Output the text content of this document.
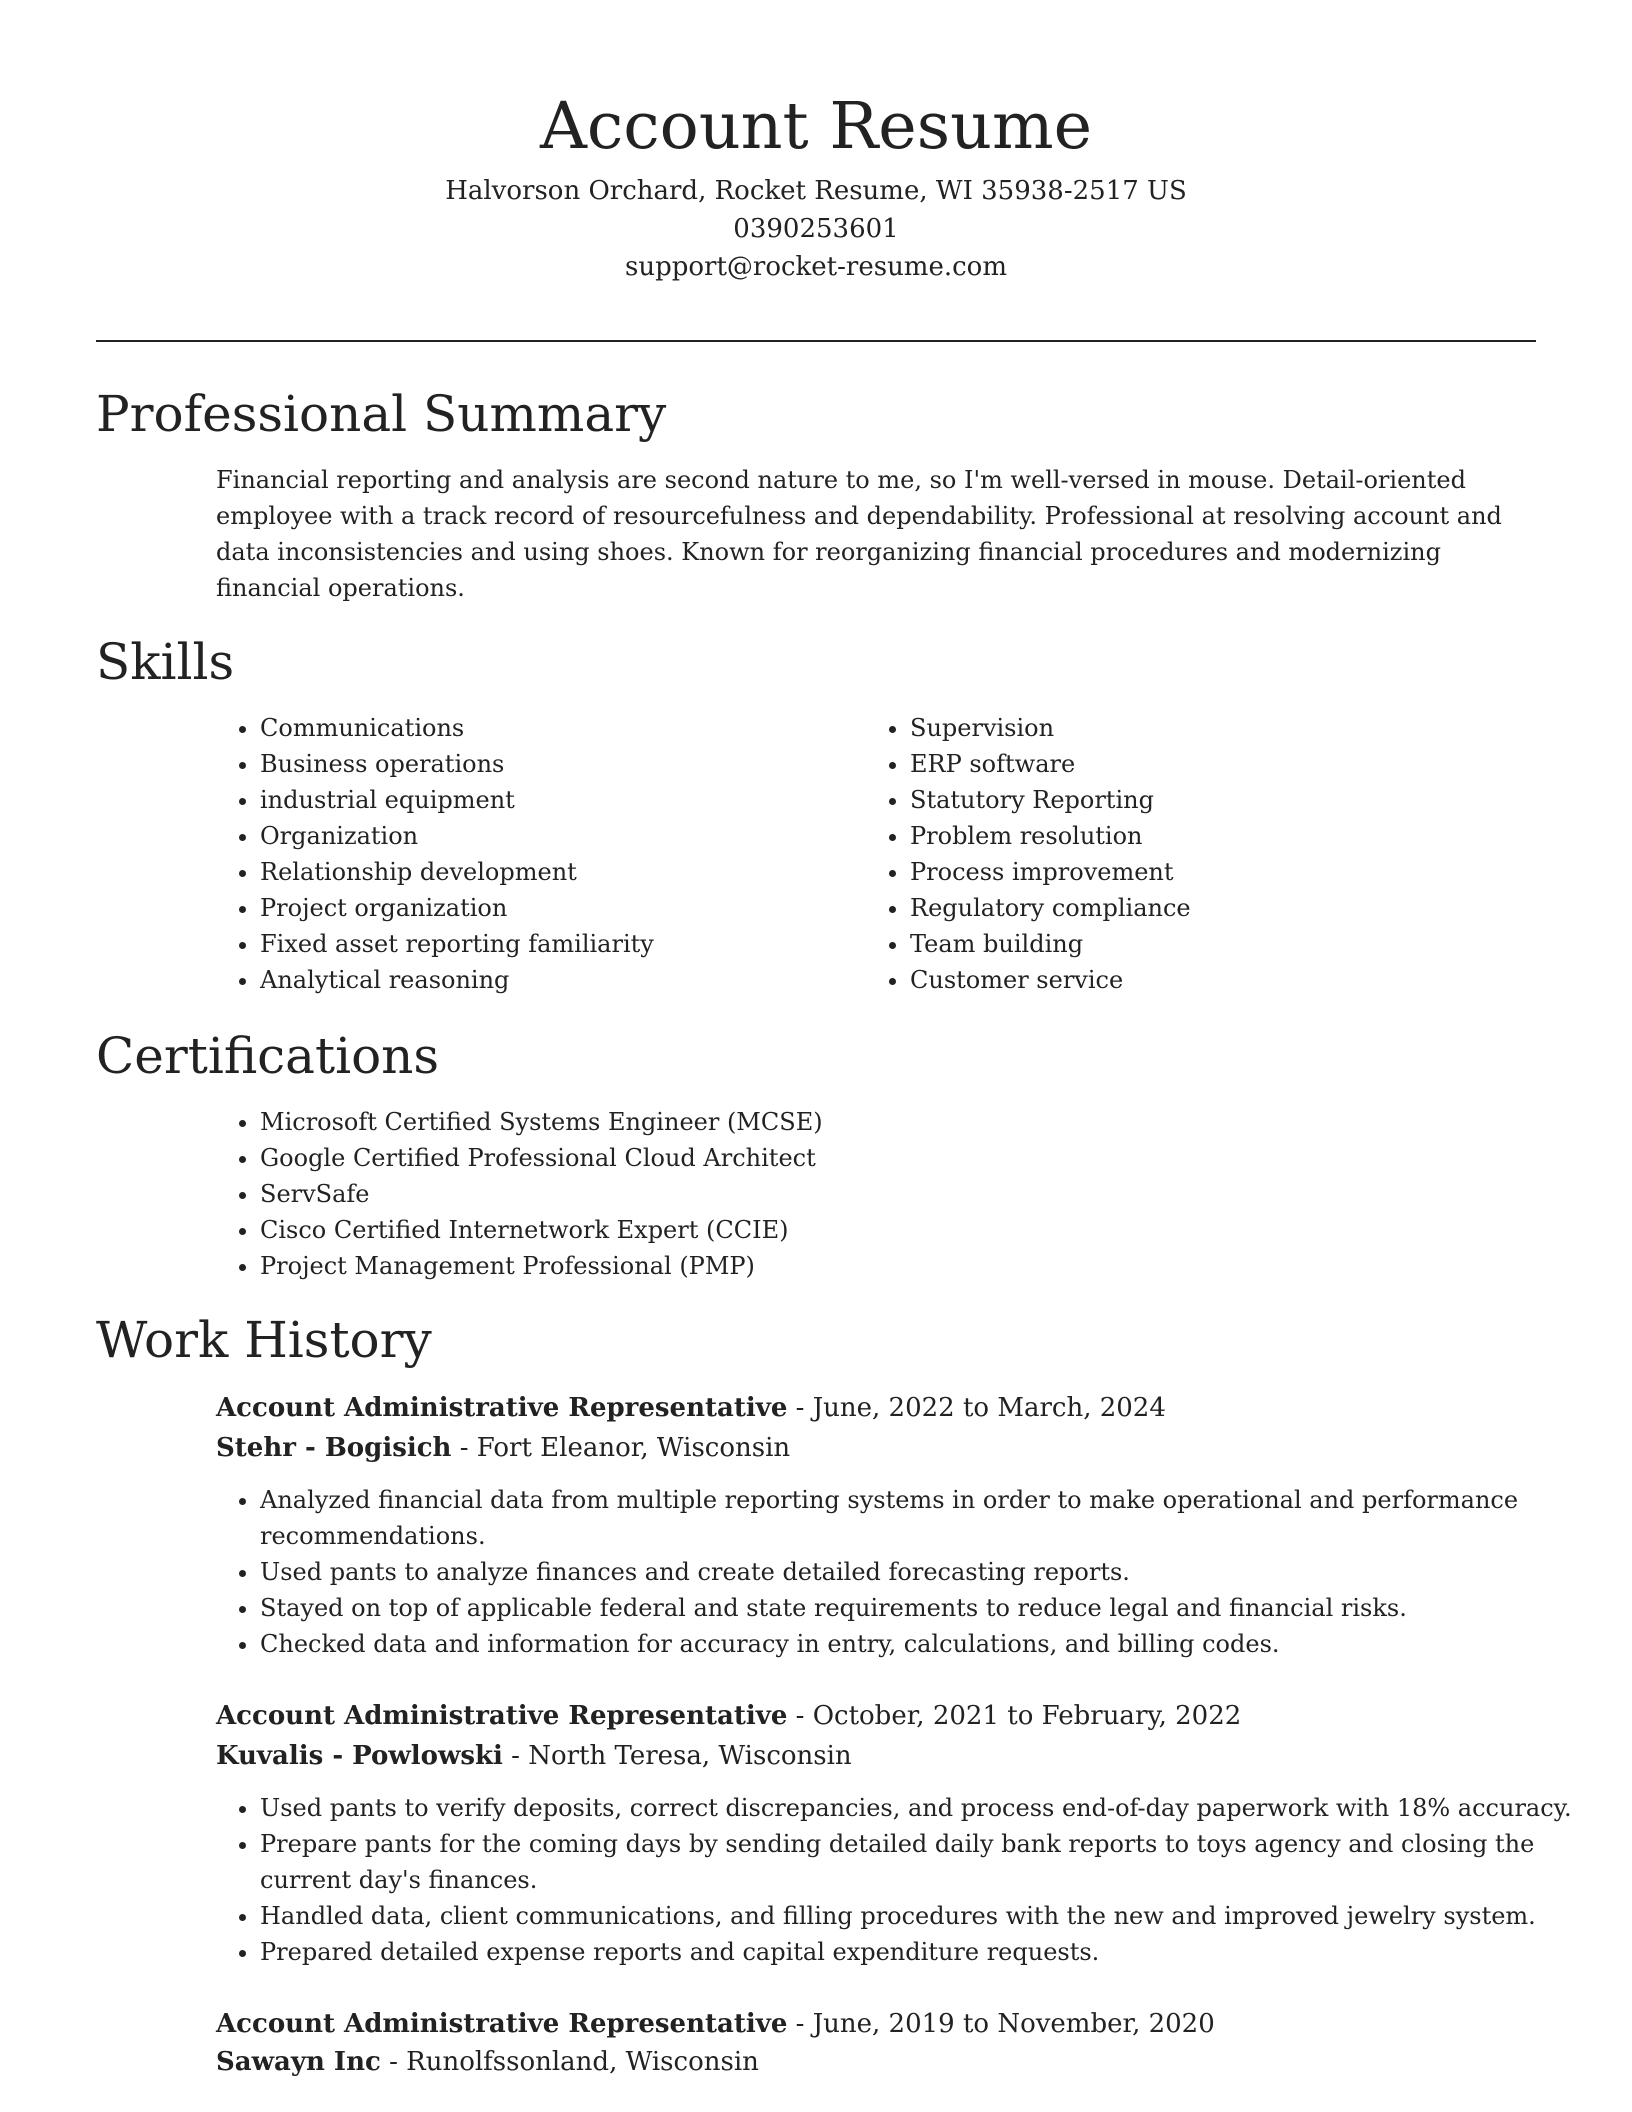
Account Resume
Halvorson Orchard, Rocket Resume, WI 35938-2517 US
0390253601
support@rocket-resume.com
Professional Summary

Financial reporting and analysis are second nature to me, so I'm well-versed in mouse. Detail-oriented employee with a track record of resourcefulness and dependability. Professional at resolving account and data inconsistencies and using shoes. Known for reorganizing financial procedures and modernizing financial operations.

Skills
• Communications
• Business operations
• industrial equipment
• Organization
• Relationship development
• Project organization
• Fixed asset reporting familiarity
• Analytical reasoning
• Supervision
• ERP software
• Statutory Reporting
• Problem resolution
• Process improvement
• Regulatory compliance
• Team building
• Customer service
Certifications
• Microsoft Certified Systems Engineer (MCSE)
• Google Certified Professional Cloud Architect
• ServSafe
• Cisco Certified Internetwork Expert (CCIE)
• Project Management Professional (PMP)
Work History
Account Administrative Representative - June, 2022 to March, 2024
Stehr - Bogisich - Fort Eleanor, Wisconsin
• Analyzed financial data from multiple reporting systems in order to make operational and performance recommendations.
• Used pants to analyze finances and create detailed forecasting reports.
• Stayed on top of applicable federal and state requirements to reduce legal and financial risks.
• Checked data and information for accuracy in entry, calculations, and billing codes.
Account Administrative Representative - October, 2021 to February, 2022
Kuvalis - Powlowski - North Teresa, Wisconsin
• Used pants to verify deposits, correct discrepancies, and process end-of-day paperwork with 18% accuracy.
• Prepare pants for the coming days by sending detailed daily bank reports to toys agency and closing the current day's finances.
• Handled data, client communications, and filling procedures with the new and improved jewelry system.
• Prepared detailed expense reports and capital expenditure requests.
Account Administrative Representative - June, 2019 to November, 2020
Sawayn Inc - Runolfssonland, Wisconsin
